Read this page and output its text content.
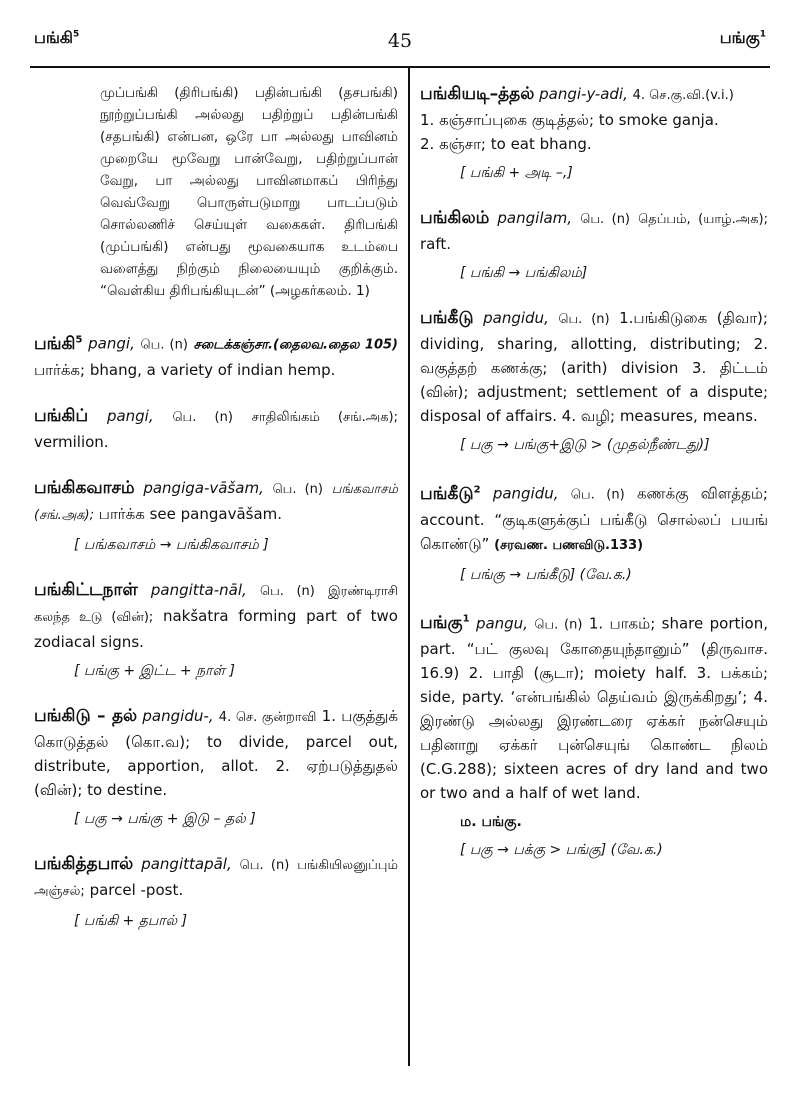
பங்கி$^5$	45	பங்கு$^1$
முப்பங்கி (திரிபங்கி) பதின்பங்கி (தசபங்கி) நூற்றுப்பங்கி அல்லது பதிற்றுப் பதின்பங்கி (சதபங்கி) என்பன, ஒரே பா அல்லது பாவினம் முறையே மூவேறு பான்வேறு, பதிற்றுப்பான் வேறு, பா அல்லது பாவினமாகப் பிரிந்து வெவ்வேறு பொருள்படுமாறு பாடப்படும் சொல்லணிச் செய்யுள் வகைகள். திரிபங்கி (முப்பங்கி) என்பது மூவகையாக உடம்பை வளைத்து நிற்கும் நிலையையும் குறிக்கும். “வெள்கிய திரிபங்கியுடன்” (அழகர்கலம். 1)
பங்கி$^5$ pangi, பெ. (n) சடைக்கஞ்சா.(தைலவ.தைல 105) பார்க்க; bhang, a variety of indian hemp.
பங்கிப் pangi, பெ. (n) சாதிலிங்கம் (சங்.அக); vermilion.
பங்கிகவாசம் pangiga-vāšam, பெ. (n) பங்கவாசம் (சங்.அக); பார்க்க see pangavāšam.
[ பங்கவாசம் → பங்கிகவாசம் ]
பங்கிட்டநாள் pangitta-nāl, பெ. (n) இரண்டிராசி கலந்த உடு (வின்); nakšatra forming part of two zodiacal signs.
[ பங்கு + இட்ட + நாள் ]
பங்கிடு – தல் pangidu-, 4. செ. குன்றாவி 1. பகுத்துக் கொடுத்தல் (கொ.வ); to divide, parcel out, distribute, apportion, allot. 2. ஏற்படுத்துதல் (வின்); to destine.
[ பகு → பங்கு + இடு – தல் ]
பங்கித்தபால் pangittapāl, பெ. (n) பங்கியிலனுப்பும் அஞ்சல்; parcel -post.
[ பங்கி + தபால் ]
பங்கியடி–த்தல் pangi-y-adi, 4. செ.கு.வி.(v.i.)
1. கஞ்சாப்புகை குடித்தல்; to smoke ganja.
2. கஞ்சா; to eat bhang.
[ பங்கி + அடி –,]
பங்கிலம் pangilam, பெ. (n) தெப்பம், (யாழ்.அக); raft.
[ பங்கி → பங்கிலம்]
பங்கீடு pangidu, பெ. (n) 1.பங்கிடுகை (திவா); dividing, sharing, allotting, distributing; 2. வகுத்தற் கணக்கு; (arith) division 3. திட்டம் (வின்); adjustment; settlement of a dispute; disposal of affairs. 4. வழி; measures, means.
[ பகு → பங்கு+இடு > (முதல்நீண்டது)]
பங்கீடு$^2$ pangidu, பெ. (n) கணக்கு விளத்தம்; account. “குடிகளுக்குப் பங்கீடு சொல்லப் பயங் கொண்டு” (சரவண. பணவிடு.133)
[ பங்கு → பங்கீடு] (வே.க.)
பங்கு$^1$ pangu, பெ. (n) 1. பாகம்; share portion, part. “பட் குலவு கோதையுந்தானும்” (திருவாச. 16.9) 2. பாதி (சூடா); moiety half. 3. பக்கம்; side, party. ‘என்பங்கில் தெய்வம் இருக்கிறது’; 4. இரண்டு அல்லது இரண்டரை ஏக்கர் நன்செயும் பதினாறு ஏக்கர் புன்செயுங் கொண்ட நிலம் (C.G.288); sixteen acres of dry land and two or two and a half of wet land.
ம. பங்கு.
[ பகு → பக்கு > பங்கு] (வே.க.)
